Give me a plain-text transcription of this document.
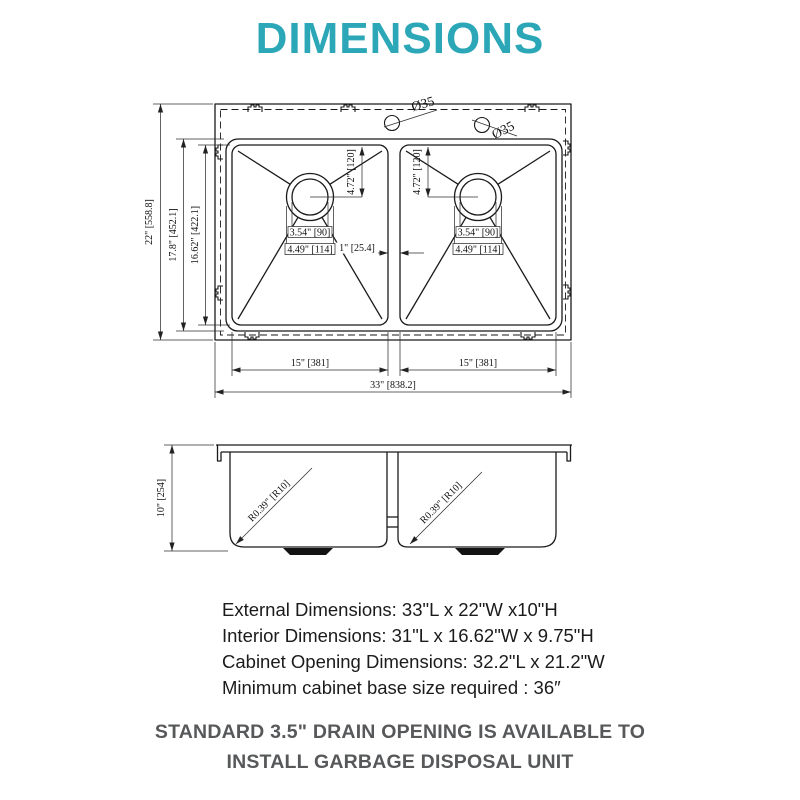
DIMENSIONS
Ø35
Ø35
4.72" [120]	4.72" [120]
3.54" [90]
4.49" [114]
3.54" [90]
4.49" [114]
1" [25.4]
22" [558.8] 17.8" [452.1] 16.62" [422.1]
15" [381]	15" [381]
33" [838.2]
R0.39" [R10]	R0.39" [R10]
10" [254]
External Dimensions: 33"L x 22"W x10"H
Interior Dimensions: 31"L x 16.62"W x 9.75"H
Cabinet Opening Dimensions: 32.2"L x 21.2"W
Minimum cabinet base size required : 36″
STANDARD 3.5" DRAIN OPENING IS AVAILABLE TO
INSTALL GARBAGE DISPOSAL UNIT
